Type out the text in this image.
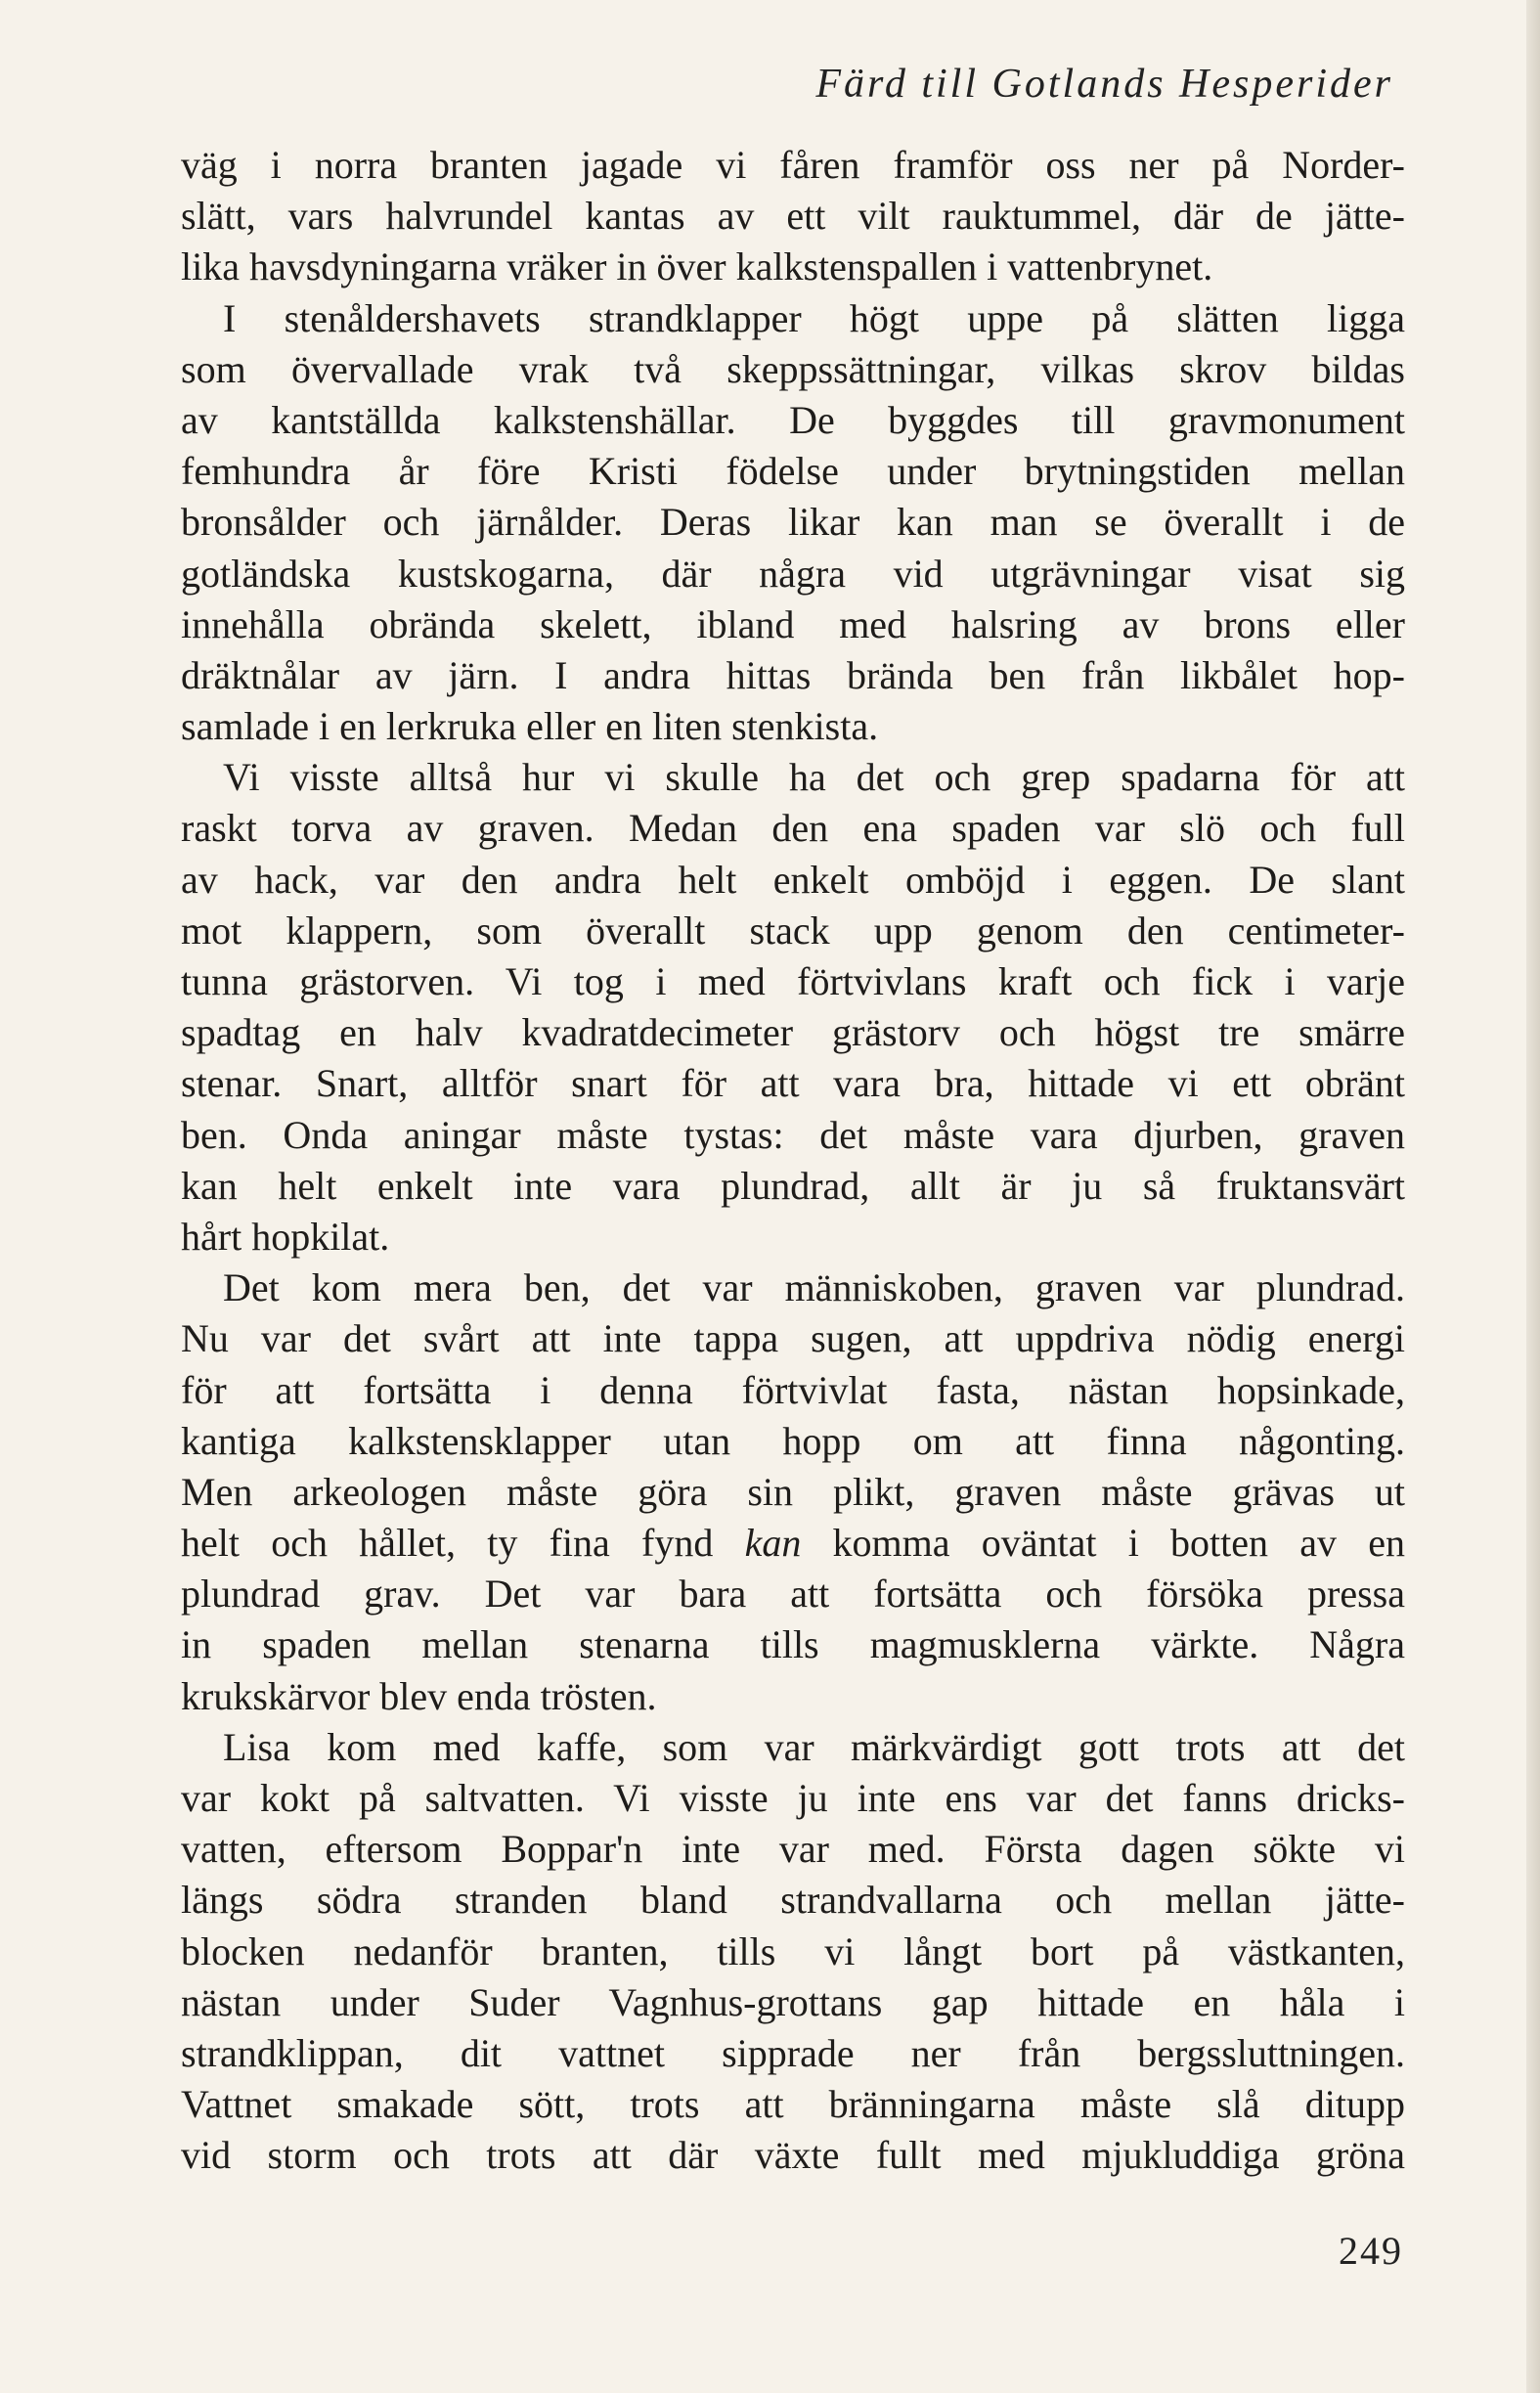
Färd till Gotlands Hesperider
väg i norra branten jagade vi fåren framför oss ner på Norder-
slätt, vars halvrundel kantas av ett vilt rauktummel, där de jätte-
lika havsdyningarna vräker in över kalkstenspallen i vattenbrynet.
I stenåldershavets strandklapper högt uppe på slätten ligga
som övervallade vrak två skeppssättningar, vilkas skrov bildas
av kantställda kalkstenshällar. De byggdes till gravmonument
femhundra år före Kristi födelse under brytningstiden mellan
bronsålder och järnålder. Deras likar kan man se överallt i de
gotländska kustskogarna, där några vid utgrävningar visat sig
innehålla obrända skelett, ibland med halsring av brons eller
dräktnålar av järn. I andra hittas brända ben från likbålet hop-
samlade i en lerkruka eller en liten stenkista.
Vi visste alltså hur vi skulle ha det och grep spadarna för att
raskt torva av graven. Medan den ena spaden var slö och full
av hack, var den andra helt enkelt omböjd i eggen. De slant
mot klappern, som överallt stack upp genom den centimeter-
tunna grästorven. Vi tog i med förtvivlans kraft och fick i varje
spadtag en halv kvadratdecimeter grästorv och högst tre smärre
stenar. Snart, alltför snart för att vara bra, hittade vi ett obränt
ben. Onda aningar måste tystas: det måste vara djurben, graven
kan helt enkelt inte vara plundrad, allt är ju så fruktansvärt
hårt hopkilat.
Det kom mera ben, det var människoben, graven var plundrad.
Nu var det svårt att inte tappa sugen, att uppdriva nödig energi
för att fortsätta i denna förtvivlat fasta, nästan hopsinkade,
kantiga kalkstensklapper utan hopp om att finna någonting.
Men arkeologen måste göra sin plikt, graven måste grävas ut
helt och hållet, ty fina fynd kan komma oväntat i botten av en
plundrad grav. Det var bara att fortsätta och försöka pressa
in spaden mellan stenarna tills magmusklerna värkte. Några
krukskärvor blev enda trösten.
Lisa kom med kaffe, som var märkvärdigt gott trots att det
var kokt på saltvatten. Vi visste ju inte ens var det fanns dricks-
vatten, eftersom Boppar'n inte var med. Första dagen sökte vi
längs södra stranden bland strandvallarna och mellan jätte-
blocken nedanför branten, tills vi långt bort på västkanten,
nästan under Suder Vagnhus-grottans gap hittade en håla i
strandklippan, dit vattnet sipprade ner från bergssluttningen.
Vattnet smakade sött, trots att bränningarna måste slå ditupp
vid storm och trots att där växte fullt med mjukluddiga gröna
249
